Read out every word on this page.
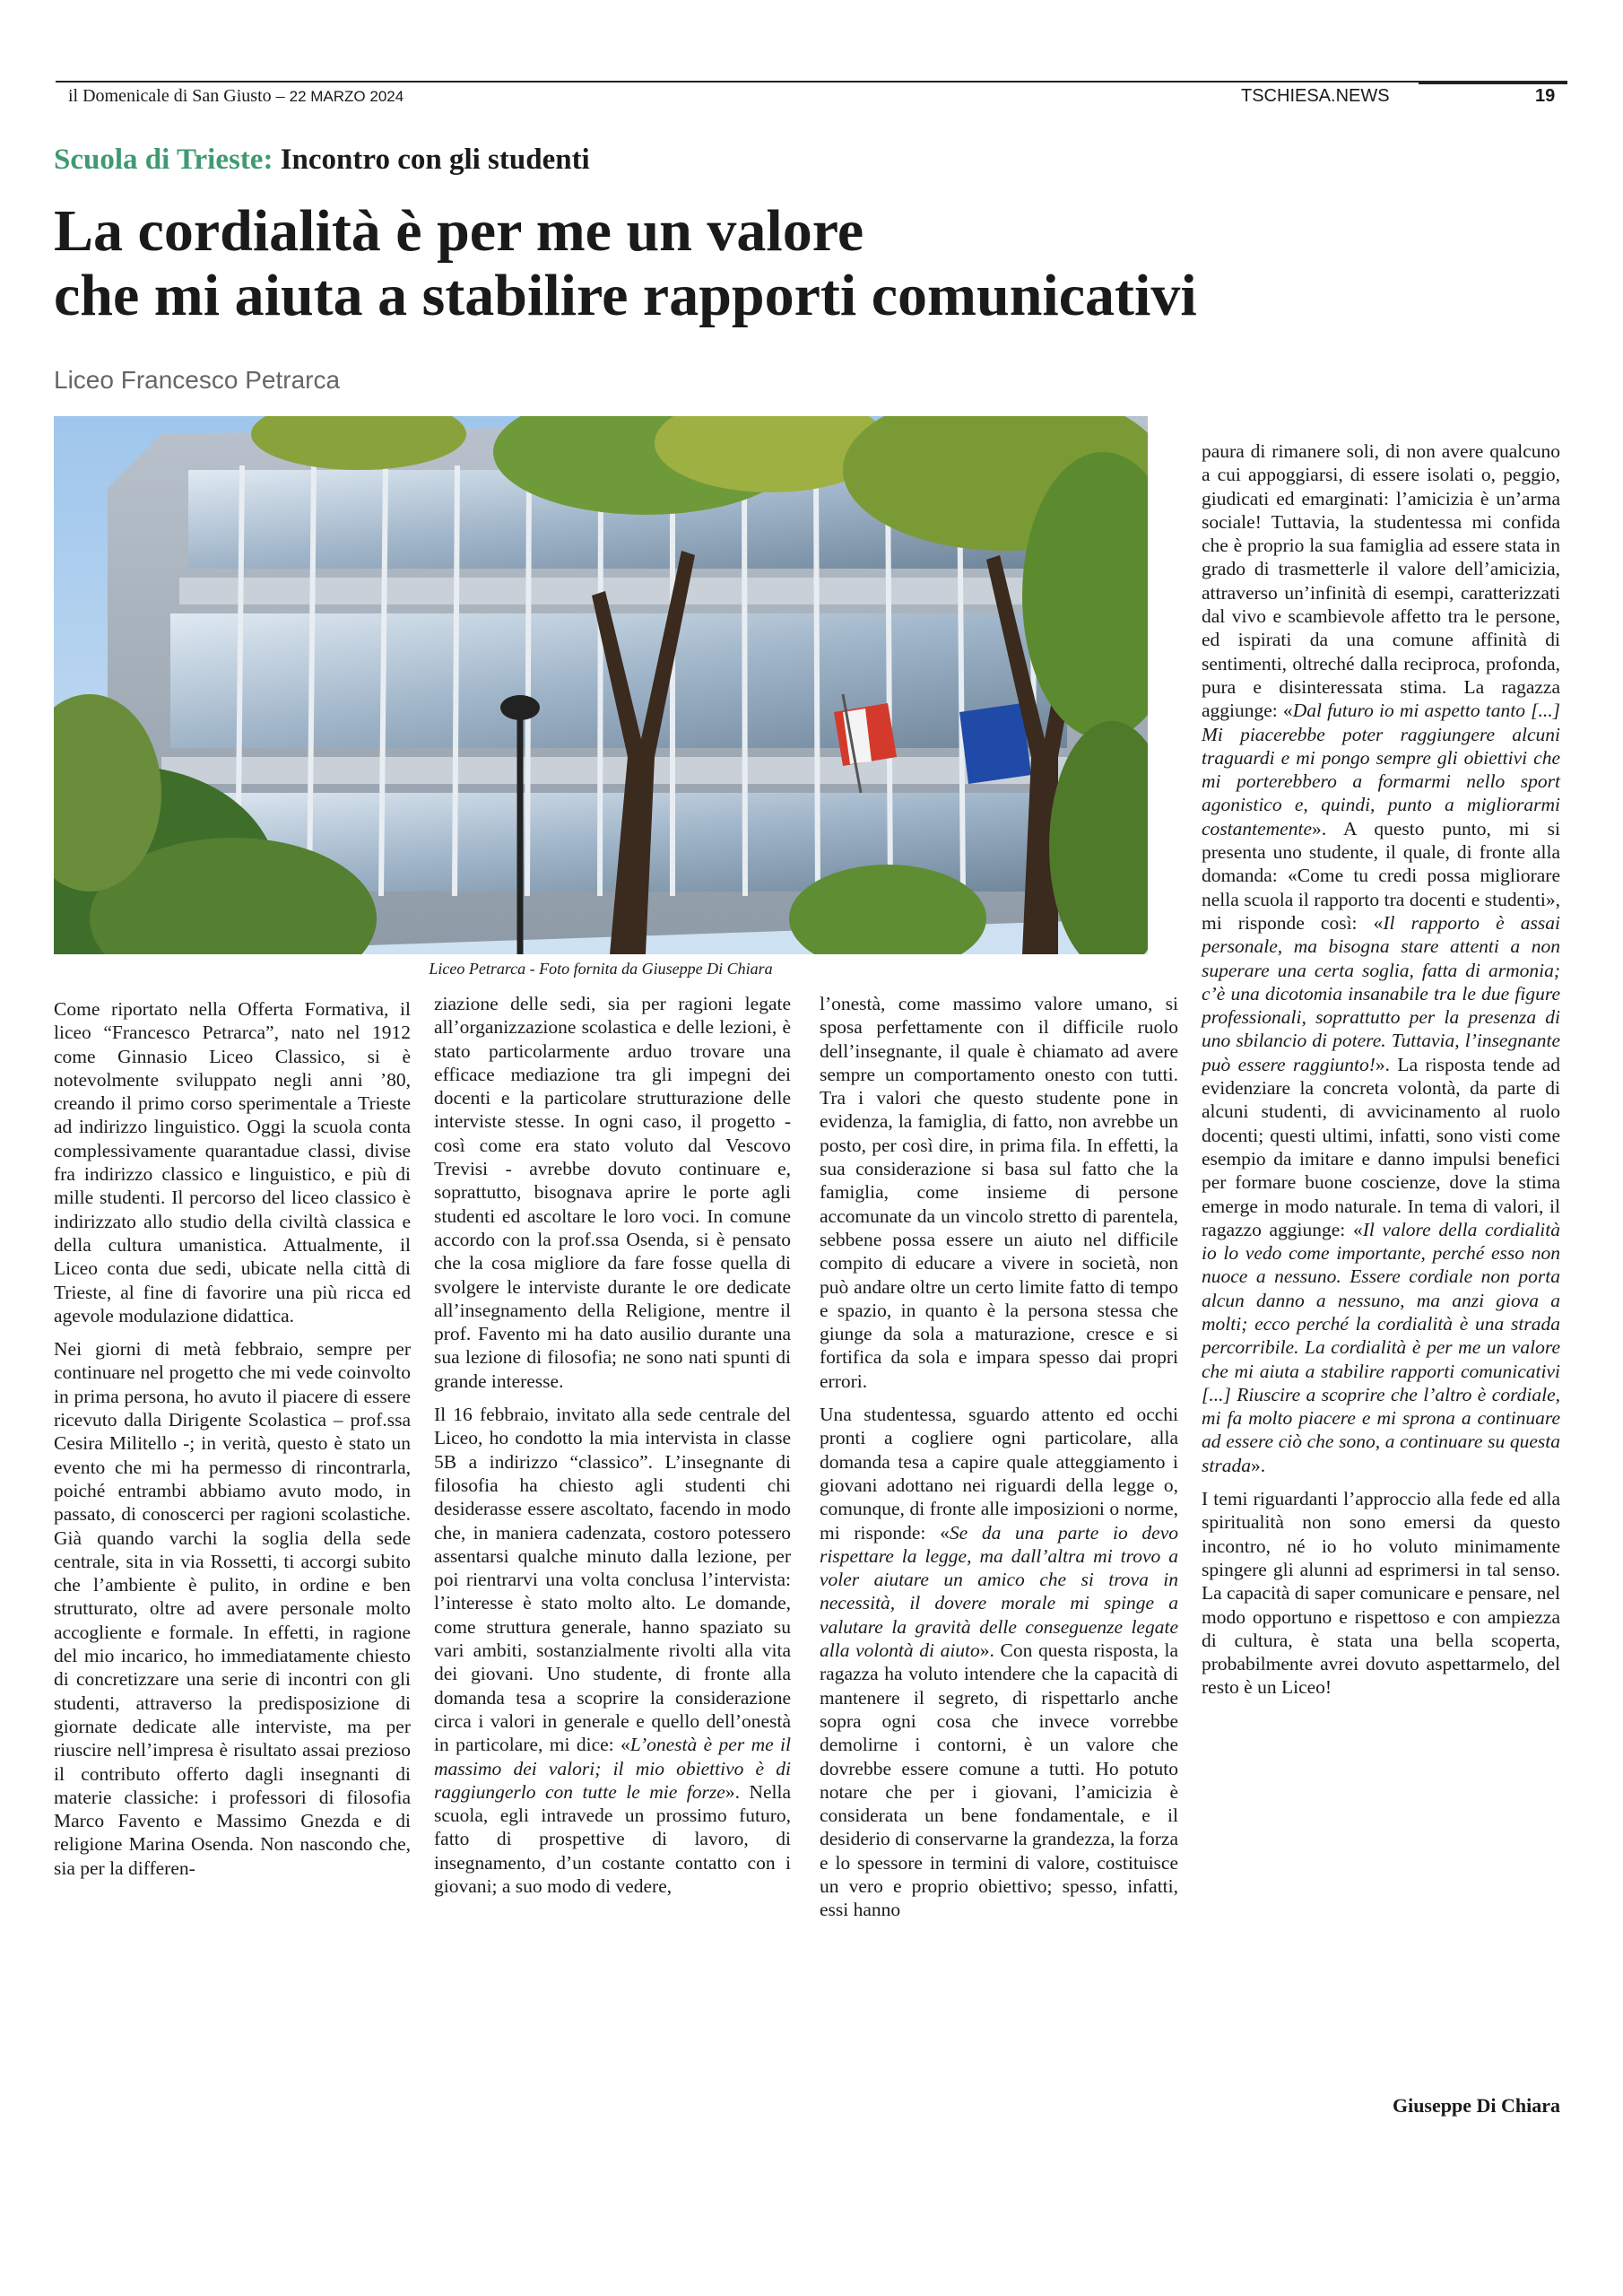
il Domenicale di San Giusto – 22 MARZO 2024	TSCHIESA.NEWS	19
Scuola di Trieste: Incontro con gli studenti
La cordialità è per me un valore
che mi aiuta a stabilire rapporti comunicativi
Liceo Francesco Petrarca
Liceo Petrarca - Foto fornita da Giuseppe Di Chiara

Come riportato nella Offerta Formativa, il liceo “Francesco Petrarca”, nato nel 1912 come Ginnasio Liceo Classico, si è notevolmente sviluppato negli anni ’80, creando il primo corso sperimentale a Trieste ad indirizzo linguistico. Oggi la scuola conta complessivamente quarantadue classi, divise fra indirizzo classico e linguistico, e più di mille studenti. Il percorso del liceo classico è indirizzato allo studio della civiltà classica e della cultura umanistica. Attualmente, il Liceo conta due sedi, ubicate nella città di Trieste, al fine di favorire una più ricca ed agevole modulazione didattica.

Nei giorni di metà febbraio, sempre per continuare nel progetto che mi vede coinvolto in prima persona, ho avuto il piacere di essere ricevuto dalla Dirigente Scolastica – prof.ssa Cesira Militello -; in verità, questo è stato un evento che mi ha permesso di rincontrarla, poiché entrambi abbiamo avuto modo, in passato, di conoscerci per ragioni scolastiche. Già quando varchi la soglia della sede centrale, sita in via Rossetti, ti accorgi subito che l’ambiente è pulito, in ordine e ben strutturato, oltre ad avere personale molto accogliente e formale. In effetti, in ragione del mio incarico, ho immediatamente chiesto di concretizzare una serie di incontri con gli studenti, attraverso la predisposizione di giornate dedicate alle interviste, ma per riuscire nell’impresa è risultato assai prezioso il contributo offerto dagli insegnanti di materie classiche: i professori di filosofia Marco Favento e Massimo Gnezda e di religione Marina Osenda. Non nascondo che, sia per la differen-

ziazione delle sedi, sia per ragioni legate all’organizzazione scolastica e delle lezioni, è stato particolarmente arduo trovare una efficace mediazione tra gli impegni dei docenti e la particolare strutturazione delle interviste stesse. In ogni caso, il progetto - così come era stato voluto dal Vescovo Trevisi - avrebbe dovuto continuare e, soprattutto, bisognava aprire le porte agli studenti ed ascoltare le loro voci. In comune accordo con la prof.ssa Osenda, si è pensato che la cosa migliore da fare fosse quella di svolgere le interviste durante le ore dedicate all’insegnamento della Religione, mentre il prof. Favento mi ha dato ausilio durante una sua lezione di filosofia; ne sono nati spunti di grande interesse.

Il 16 febbraio, invitato alla sede centrale del Liceo, ho condotto la mia intervista in classe 5B a indirizzo “classico”. L’insegnante di filosofia ha chiesto agli studenti chi desiderasse essere ascoltato, facendo in modo che, in maniera cadenzata, costoro potessero assentarsi qualche minuto dalla lezione, per poi rientrarvi una volta conclusa l’intervista: l’interesse è stato molto alto. Le domande, come struttura generale, hanno spaziato su vari ambiti, sostanzialmente rivolti alla vita dei giovani. Uno studente, di fronte alla domanda tesa a scoprire la considerazione circa i valori in generale e quello dell’onestà in particolare, mi dice: «L’onestà è per me il massimo dei valori; il mio obiettivo è di raggiungerlo con tutte le mie forze». Nella scuola, egli intravede un prossimo futuro, fatto di prospettive di lavoro, di insegnamento, d’un costante contatto con i giovani; a suo modo di vedere,

l’onestà, come massimo valore umano, si sposa perfettamente con il difficile ruolo dell’insegnante, il quale è chiamato ad avere sempre un comportamento onesto con tutti. Tra i valori che questo studente pone in evidenza, la famiglia, di fatto, non avrebbe un posto, per così dire, in prima fila. In effetti, la sua considerazione si basa sul fatto che la famiglia, come insieme di persone accomunate da un vincolo stretto di parentela, sebbene possa essere un aiuto nel difficile compito di educare a vivere in società, non può andare oltre un certo limite fatto di tempo e spazio, in quanto è la persona stessa che giunge da sola a maturazione, cresce e si fortifica da sola e impara spesso dai propri errori.

Una studentessa, sguardo attento ed occhi pronti a cogliere ogni particolare, alla domanda tesa a capire quale atteggiamento i giovani adottano nei riguardi della legge o, comunque, di fronte alle imposizioni o norme, mi risponde: «Se da una parte io devo rispettare la legge, ma dall’altra mi trovo a voler aiutare un amico che si trova in necessità, il dovere morale mi spinge a valutare la gravità delle conseguenze legate alla volontà di aiuto». Con questa risposta, la ragazza ha voluto intendere che la capacità di mantenere il segreto, di rispettarlo anche sopra ogni cosa che invece vorrebbe demolirne i contorni, è un valore che dovrebbe essere comune a tutti. Ho potuto notare che per i giovani, l’amicizia è considerata un bene fondamentale, e il desiderio di conservarne la grandezza, la forza e lo spessore in termini di valore, costituisce un vero e proprio obiettivo; spesso, infatti, essi hanno

paura di rimanere soli, di non avere qualcuno a cui appoggiarsi, di essere isolati o, peggio, giudicati ed emarginati: l’amicizia è un’arma sociale! Tuttavia, la studentessa mi confida che è proprio la sua famiglia ad essere stata in grado di trasmetterle il valore dell’amicizia, attraverso un’infinità di esempi, caratterizzati dal vivo e scambievole affetto tra le persone, ed ispirati da una comune affinità di sentimenti, oltreché dalla reciproca, profonda, pura e disinteressata stima. La ragazza aggiunge: «Dal futuro io mi aspetto tanto [...] Mi piacerebbe poter raggiungere alcuni traguardi e mi pongo sempre gli obiettivi che mi porterebbero a formarmi nello sport agonistico e, quindi, punto a migliorarmi costantemente». A questo punto, mi si presenta uno studente, il quale, di fronte alla domanda: «Come tu credi possa migliorare nella scuola il rapporto tra docenti e studenti», mi risponde così: «Il rapporto è assai personale, ma bisogna stare attenti a non superare una certa soglia, fatta di armonia; c’è una dicotomia insanabile tra le due figure professionali, soprattutto per la presenza di uno sbilancio di potere. Tuttavia, l’insegnante può essere raggiunto!». La risposta tende ad evidenziare la concreta volontà, da parte di alcuni studenti, di avvicinamento al ruolo docenti; questi ultimi, infatti, sono visti come esempio da imitare e danno impulsi benefici per formare buone coscienze, dove la stima emerge in modo naturale. In tema di valori, il ragazzo aggiunge: «Il valore della cordialità io lo vedo come importante, perché esso non nuoce a nessuno. Essere cordiale non porta alcun danno a nessuno, ma anzi giova a molti; ecco perché la cordialità è una strada percorribile. La cordialità è per me un valore che mi aiuta a stabilire rapporti comunicativi [...] Riuscire a scoprire che l’altro è cordiale, mi fa molto piacere e mi sprona a continuare ad essere ciò che sono, a continuare su questa strada».

I temi riguardanti l’approccio alla fede ed alla spiritualità non sono emersi da questo incontro, né io ho voluto minimamente spingere gli alunni ad esprimersi in tal senso. La capacità di saper comunicare e pensare, nel modo opportuno e rispettoso e con ampiezza di cultura, è stata una bella scoperta, probabilmente avrei dovuto aspettarmelo, del resto è un Liceo!

Giuseppe Di Chiara
